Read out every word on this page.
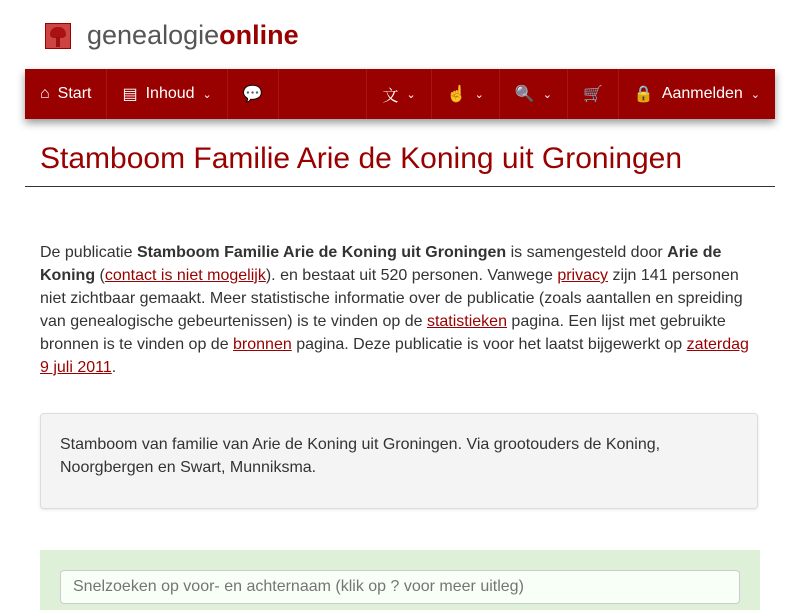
genealogieonline
⌂ Start ▤ Inhoud ⌄ 💬	文 ⌄ ☝ ⌄ 🔍 ⌄ 🛒 🔒 Aanmelden ⌄
Stamboom Familie Arie de Koning uit Groningen
De publicatie Stamboom Familie Arie de Koning uit Groningen is samengesteld door Arie de Koning (contact is niet mogelijk). en bestaat uit 520 personen. Vanwege privacy zijn 141 personen niet zichtbaar gemaakt. Meer statistische informatie over de publicatie (zoals aantallen en spreiding van genealogische gebeurtenissen) is te vinden op de statistieken pagina. Een lijst met gebruikte bronnen is te vinden op de bronnen pagina. Deze publicatie is voor het laatst bijgewerkt op zaterdag 9 juli 2011.
Stamboom van familie van Arie de Koning uit Groningen. Via grootouders de Koning, Noorgbergen en Swart, Munniksma.
Snelzoeken op voor- en achternaam (klik op ? voor meer uitleg)
